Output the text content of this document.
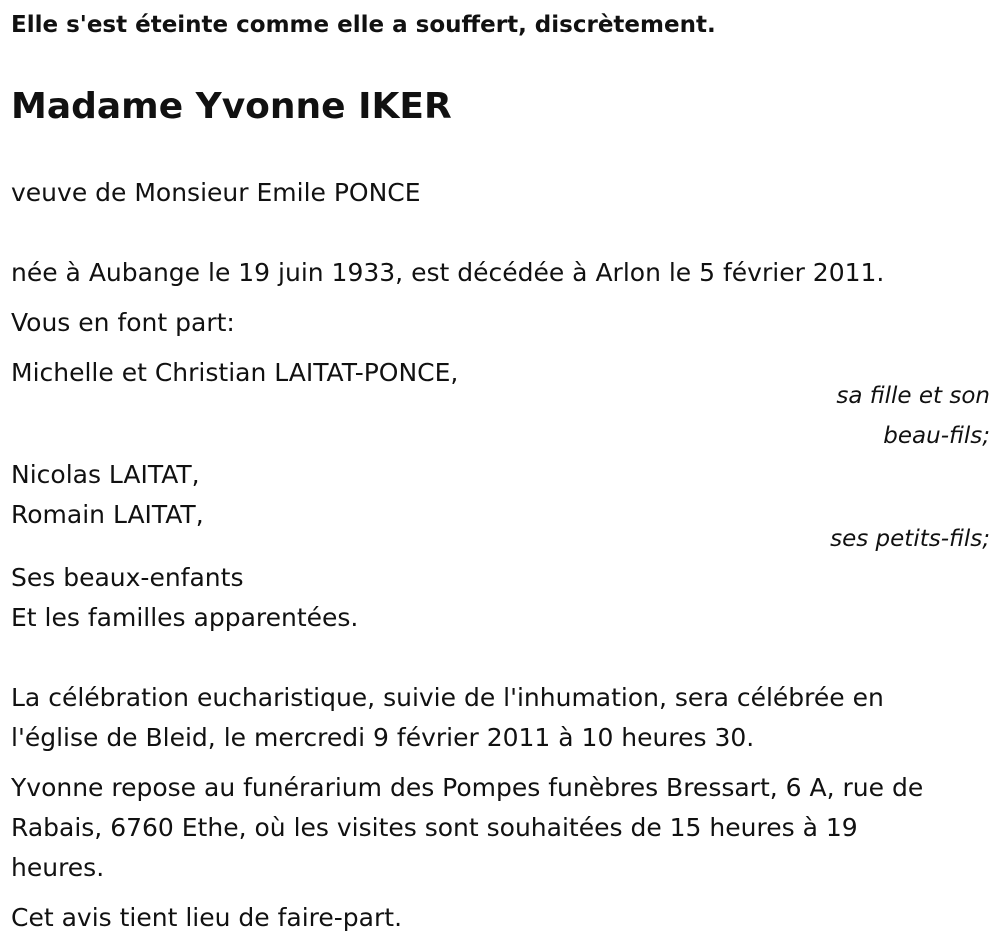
Elle s'est éteinte comme elle a souffert, discrètement.

Madame Yvonne IKER

veuve de Monsieur Emile PONCE

née à Aubange le 19 juin 1933, est décédée à Arlon le 5 février 2011.

Vous en font part:

Michelle et Christian LAITAT-PONCE,

sa fille et son

beau-fils;

Nicolas LAITAT,

Romain LAITAT,

ses petits-fils;

Ses beaux-enfants

Et les familles apparentées.

La célébration eucharistique, suivie de l'inhumation, sera célébrée en

l'église de Bleid, le mercredi 9 février 2011 à 10 heures 30.

Yvonne repose au funérarium des Pompes funèbres Bressart, 6 A, rue de

Rabais, 6760 Ethe, où les visites sont souhaitées de 15 heures à 19

heures.

Cet avis tient lieu de faire-part.
